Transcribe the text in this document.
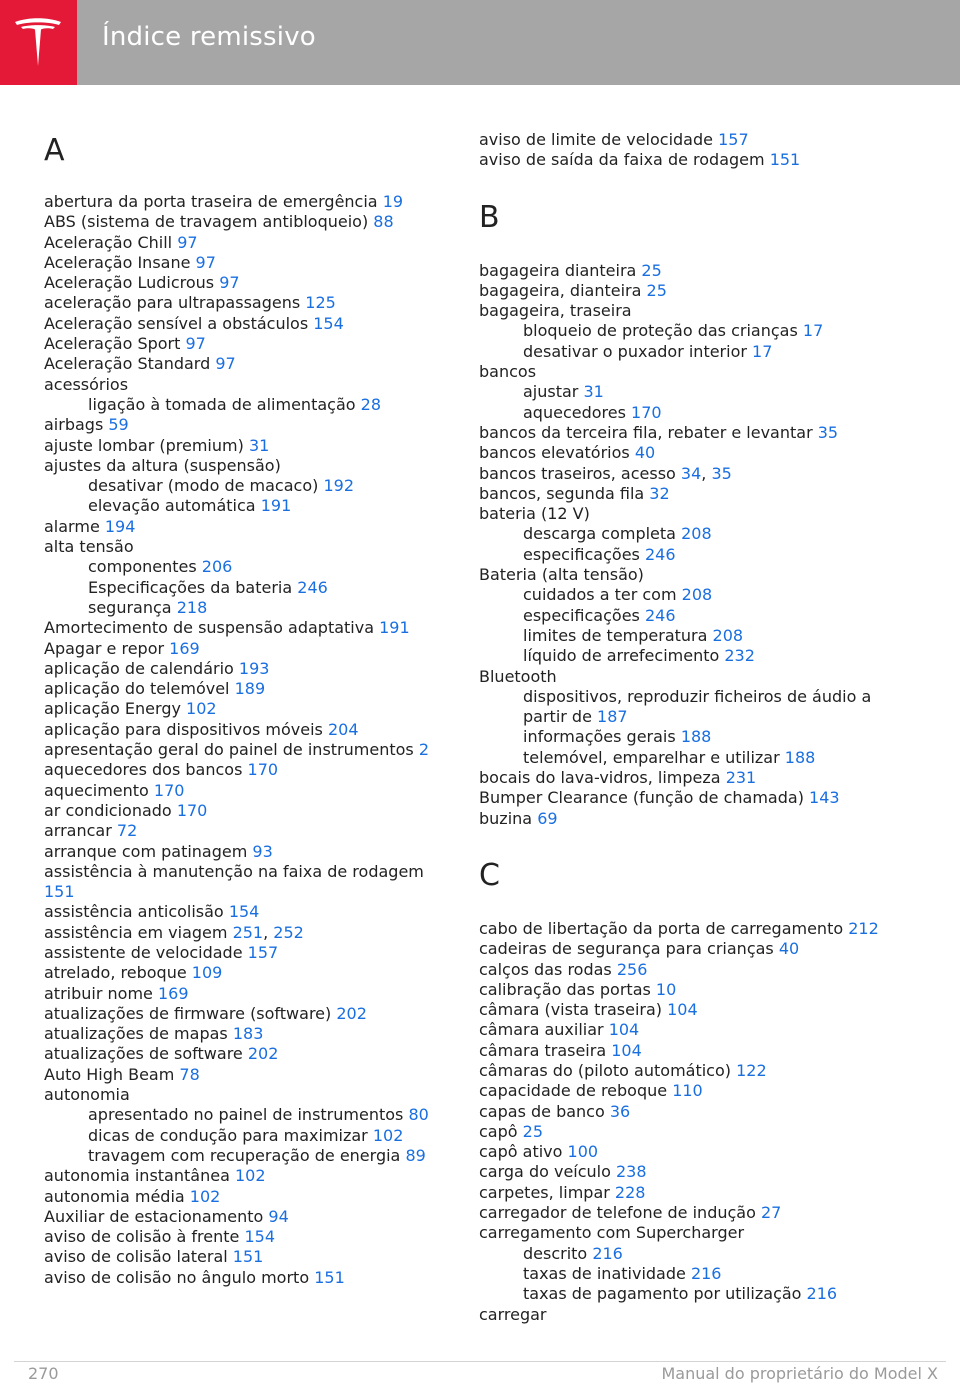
Índice remissivo
A
abertura da porta traseira de emergência 19
ABS (sistema de travagem antibloqueio) 88
Aceleração Chill 97
Aceleração Insane 97
Aceleração Ludicrous 97
aceleração para ultrapassagens 125
Aceleração sensível a obstáculos 154
Aceleração Sport 97
Aceleração Standard 97
acessórios
ligação à tomada de alimentação 28
airbags 59
ajuste lombar (premium) 31
ajustes da altura (suspensão)
desativar (modo de macaco) 192
elevação automática 191
alarme 194
alta tensão
componentes 206
Especificações da bateria 246
segurança 218
Amortecimento de suspensão adaptativa 191
Apagar e repor 169
aplicação de calendário 193
aplicação do telemóvel 189
aplicação Energy 102
aplicação para dispositivos móveis 204
apresentação geral do painel de instrumentos 2
aquecedores dos bancos 170
aquecimento 170
ar condicionado 170
arrancar 72
arranque com patinagem 93
assistência à manutenção na faixa de rodagem 151
assistência anticolisão 154
assistência em viagem 251, 252
assistente de velocidade 157
atrelado, reboque 109
atribuir nome 169
atualizações de firmware (software) 202
atualizações de mapas 183
atualizações de software 202
Auto High Beam 78
autonomia
apresentado no painel de instrumentos 80
dicas de condução para maximizar 102
travagem com recuperação de energia 89
autonomia instantânea 102
autonomia média 102
Auxiliar de estacionamento 94
aviso de colisão à frente 154
aviso de colisão lateral 151
aviso de colisão no ângulo morto 151
aviso de limite de velocidade 157
aviso de saída da faixa de rodagem 151
B
bagageira dianteira 25
bagageira, dianteira 25
bagageira, traseira
bloqueio de proteção das crianças 17
desativar o puxador interior 17
bancos
ajustar 31
aquecedores 170
bancos da terceira fila, rebater e levantar 35
bancos elevatórios 40
bancos traseiros, acesso 34, 35
bancos, segunda fila 32
bateria (12 V)
descarga completa 208
especificações 246
Bateria (alta tensão)
cuidados a ter com 208
especificações 246
limites de temperatura 208
líquido de arrefecimento 232
Bluetooth
dispositivos, reproduzir ficheiros de áudio a partir de 187
informações gerais 188
telemóvel, emparelhar e utilizar 188
bocais do lava-vidros, limpeza 231
Bumper Clearance (função de chamada) 143
buzina 69
C
cabo de libertação da porta de carregamento 212
cadeiras de segurança para crianças 40
calços das rodas 256
calibração das portas 10
câmara (vista traseira) 104
câmara auxiliar 104
câmara traseira 104
câmaras do (piloto automático) 122
capacidade de reboque 110
capas de banco 36
capô 25
capô ativo 100
carga do veículo 238
carpetes, limpar 228
carregador de telefone de indução 27
carregamento com Supercharger
descrito 216
taxas de inatividade 216
taxas de pagamento por utilização 216
carregar
270	Manual do proprietário do Model X
